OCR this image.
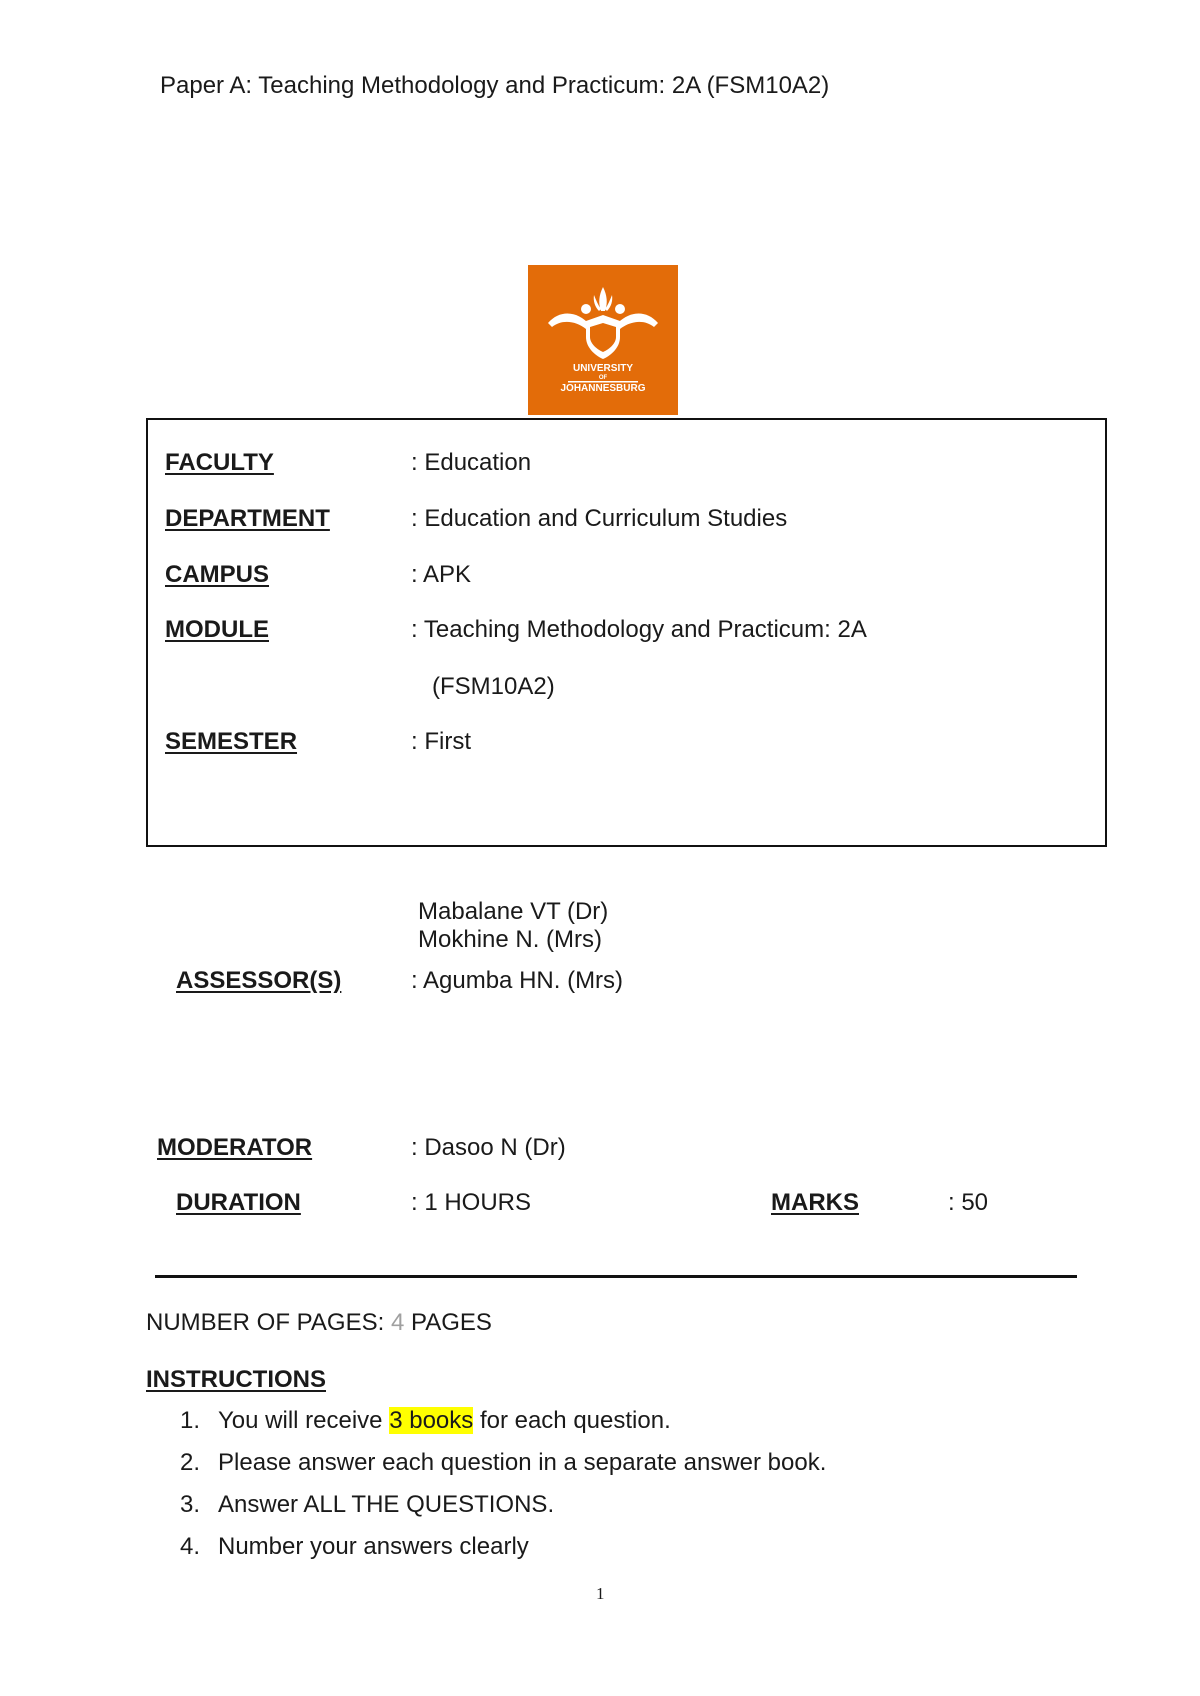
Paper A: Teaching Methodology and Practicum: 2A (FSM10A2)
UNIVERSITY
OF
JOHANNESBURG
FACULTY	: Education
DEPARTMENT	: Education and Curriculum Studies
CAMPUS	: APK
MODULE	: Teaching Methodology and Practicum: 2A
(FSM10A2)
SEMESTER	: First
Mabalane VT (Dr)
Mokhine N. (Mrs)
ASSESSOR(S)	: Agumba HN. (Mrs)
MODERATOR	: Dasoo N (Dr)
DURATION	: 1 HOURS	MARKS	: 50
NUMBER OF PAGES: 4 PAGES
INSTRUCTIONS
1. You will receive 3 books for each question.
2. Please answer each question in a separate answer book.
3. Answer ALL THE QUESTIONS.
4. Number your answers clearly
1
